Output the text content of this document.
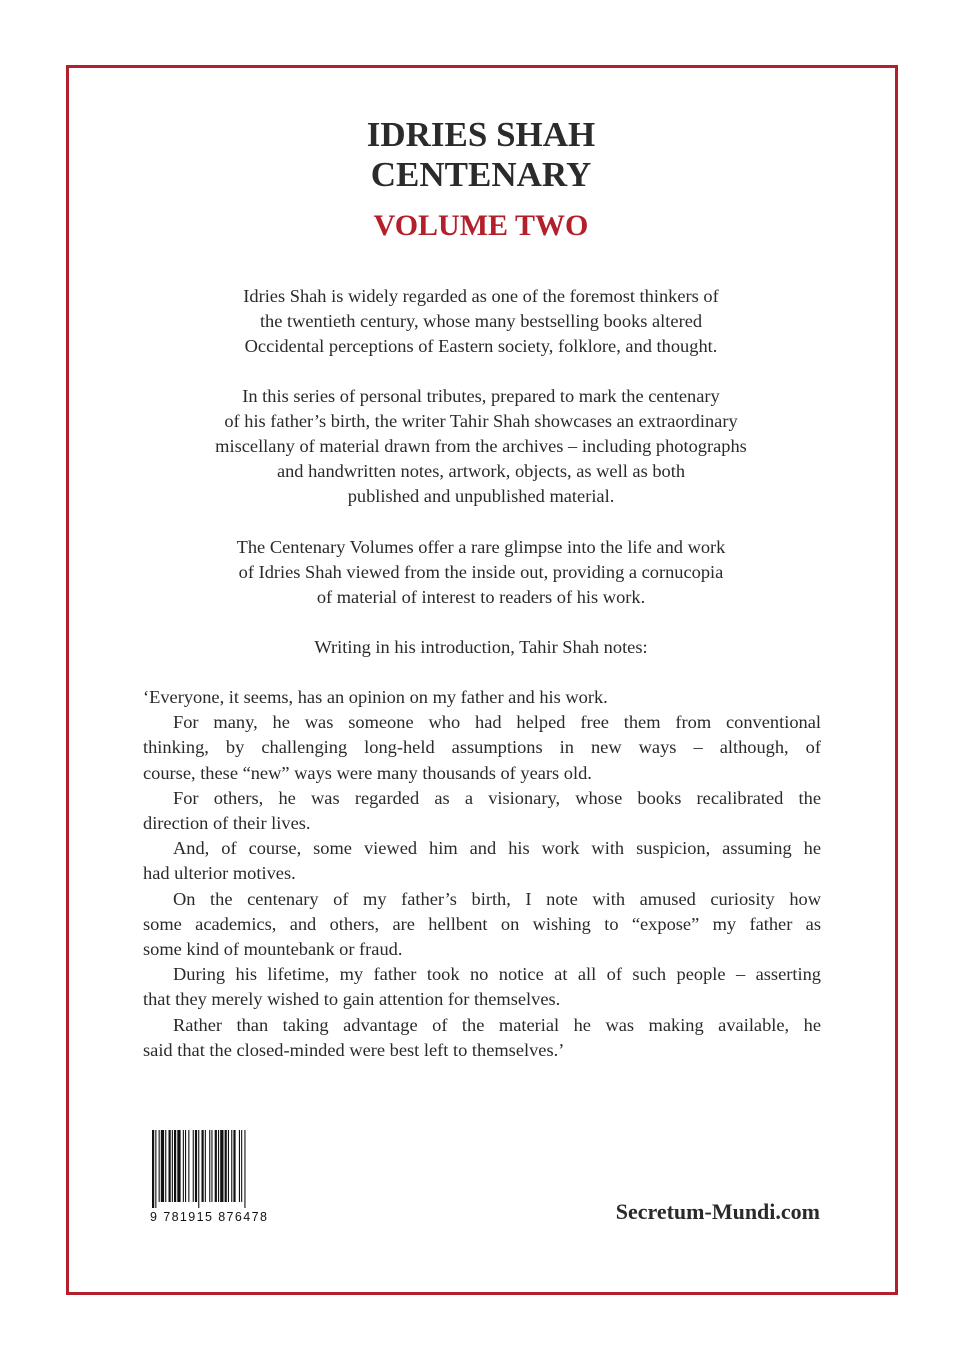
IDRIES SHAH
CENTENARY
VOLUME TWO
Idries Shah is widely regarded as one of the foremost thinkers of
the twentieth century, whose many bestselling books altered
Occidental perceptions of Eastern society, folklore, and thought.
In this series of personal tributes, prepared to mark the centenary
of his father’s birth, the writer Tahir Shah showcases an extraordinary
miscellany of material drawn from the archives – including photographs
and handwritten notes, artwork, objects, as well as both
published and unpublished material.
The Centenary Volumes offer a rare glimpse into the life and work
of Idries Shah viewed from the inside out, providing a cornucopia
of material of interest to readers of his work.
Writing in his introduction, Tahir Shah notes:
‘Everyone, it seems, has an opinion on my father and his work.
For many, he was someone who had helped free them from conventional
thinking, by challenging long-held assumptions in new ways – although, of
course, these “new” ways were many thousands of years old.
For others, he was regarded as a visionary, whose books recalibrated the
direction of their lives.
And, of course, some viewed him and his work with suspicion, assuming he
had ulterior motives.
On the centenary of my father’s birth, I note with amused curiosity how
some academics, and others, are hellbent on wishing to “expose” my father as
some kind of mountebank or fraud.
During his lifetime, my father took no notice at all of such people – asserting
that they merely wished to gain attention for themselves.
Rather than taking advantage of the material he was making available, he
said that the closed-minded were best left to themselves.’
9 781915 876478	Secretum-Mundi.com
